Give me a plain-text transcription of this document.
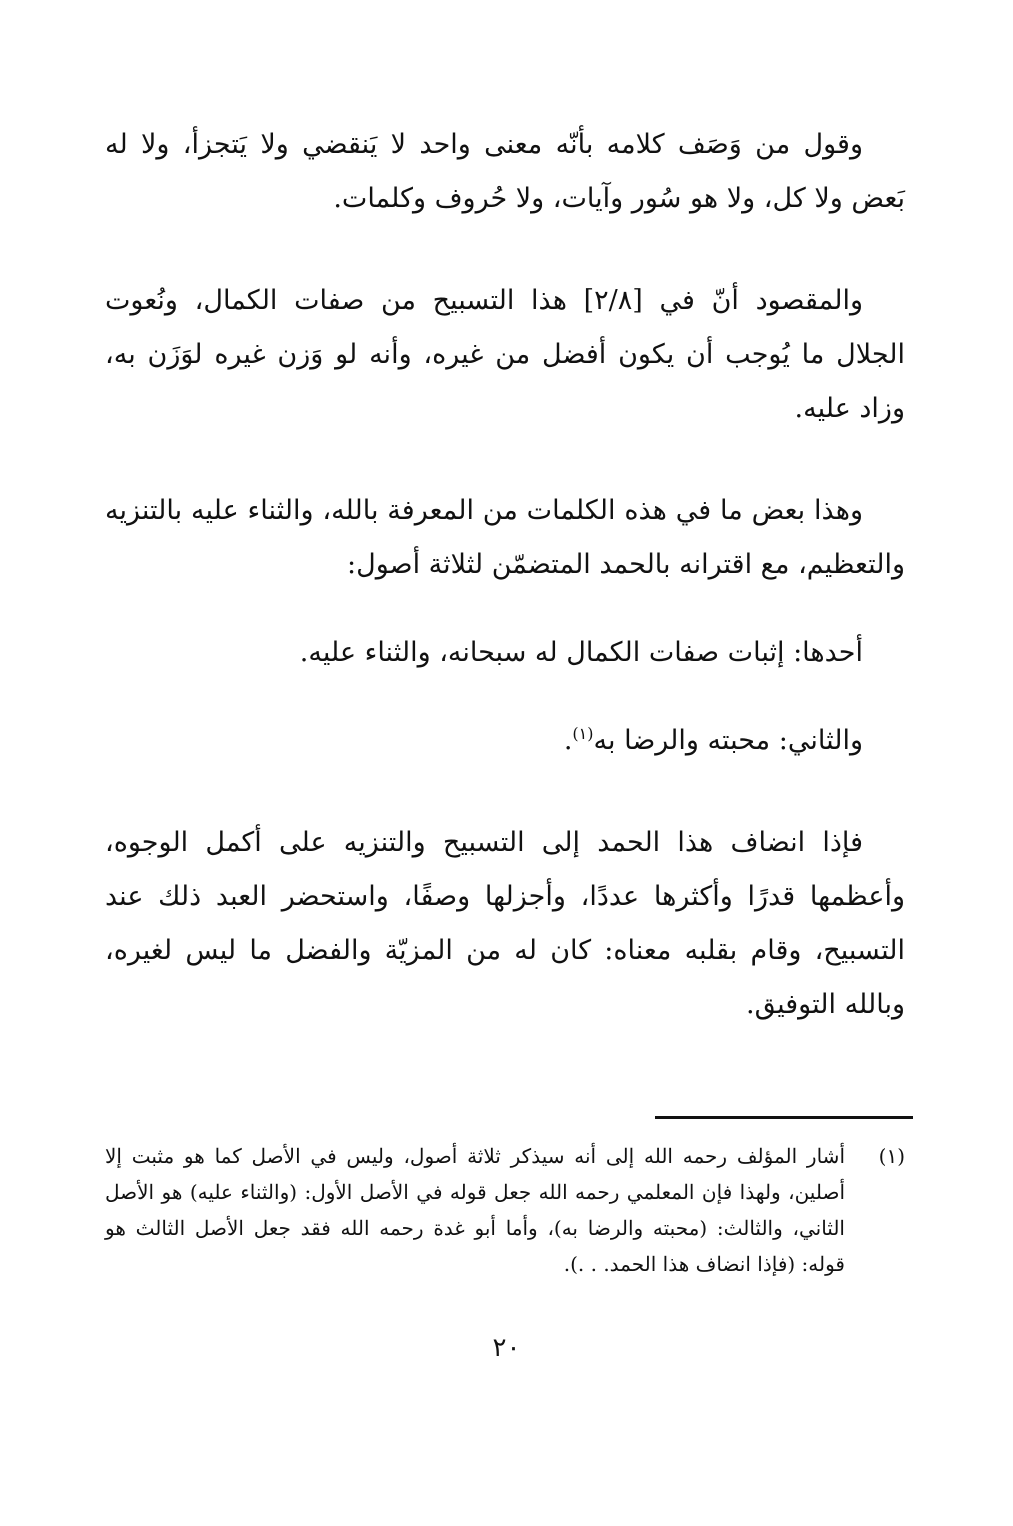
وقول من وَصَف كلامه بأنّه معنى واحد لا يَنقضي ولا يَتجزأ، ولا له بَعض ولا كل، ولا هو سُور وآيات، ولا حُروف وكلمات.

والمقصود أنّ في [٢/٨] هذا التسبيح من صفات الكمال، ونُعوت الجلال ما يُوجب أن يكون أفضل من غيره، وأنه لو وَزن غيره لوَزَن به، وزاد عليه.

وهذا بعض ما في هذه الكلمات من المعرفة بالله، والثناء عليه بالتنزيه والتعظيم، مع اقترانه بالحمد المتضمّن لثلاثة أصول:

أحدها: إثبات صفات الكمال له سبحانه، والثناء عليه.

والثاني: محبته والرضا به$^{(١)}$.

فإذا انضاف هذا الحمد إلى التسبيح والتنزيه على أكمل الوجوه، وأعظمها قدرًا وأكثرها عددًا، وأجزلها وصفًا، واستحضر العبد ذلك عند التسبيح، وقام بقلبه معناه: كان له من المزيّة والفضل ما ليس لغيره، وبالله التوفيق.

(١)
أشار المؤلف رحمه الله إلى أنه سيذكر ثلاثة أصول، وليس في الأصل كما هو مثبت إلا أصلين، ولهذا فإن المعلمي رحمه الله جعل قوله في الأصل الأول: (والثناء عليه) هو الأصل الثاني، والثالث: (محبته والرضا به)، وأما أبو غدة رحمه الله فقد جعل الأصل الثالث هو قوله: (فإذا انضاف هذا الحمد. . .).
٢٠
